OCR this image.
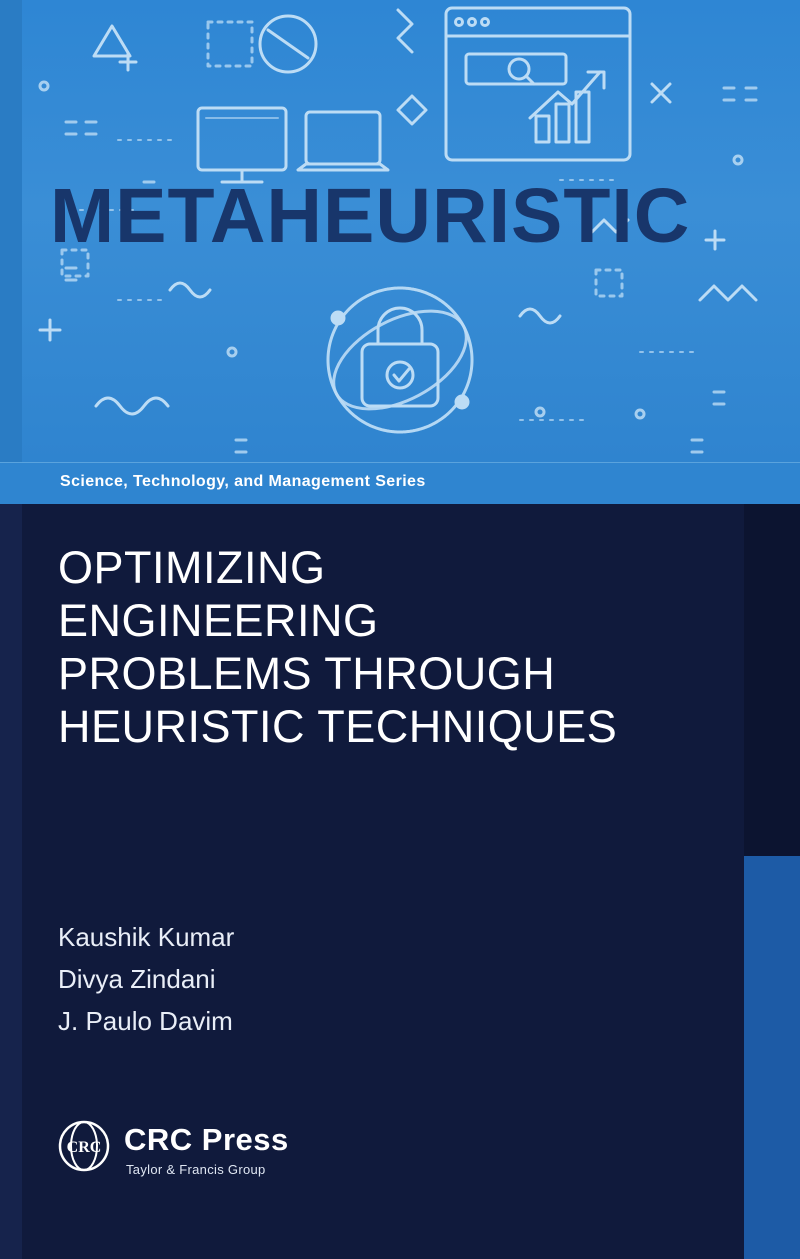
METAHEURISTIC
Science, Technology, and Management Series
OPTIMIZING
ENGINEERING
PROBLEMS THROUGH
HEURISTIC TECHNIQUES
Kaushik Kumar
Divya Zindani
J. Paulo Davim
CRC CRC Press
Taylor & Francis Group
